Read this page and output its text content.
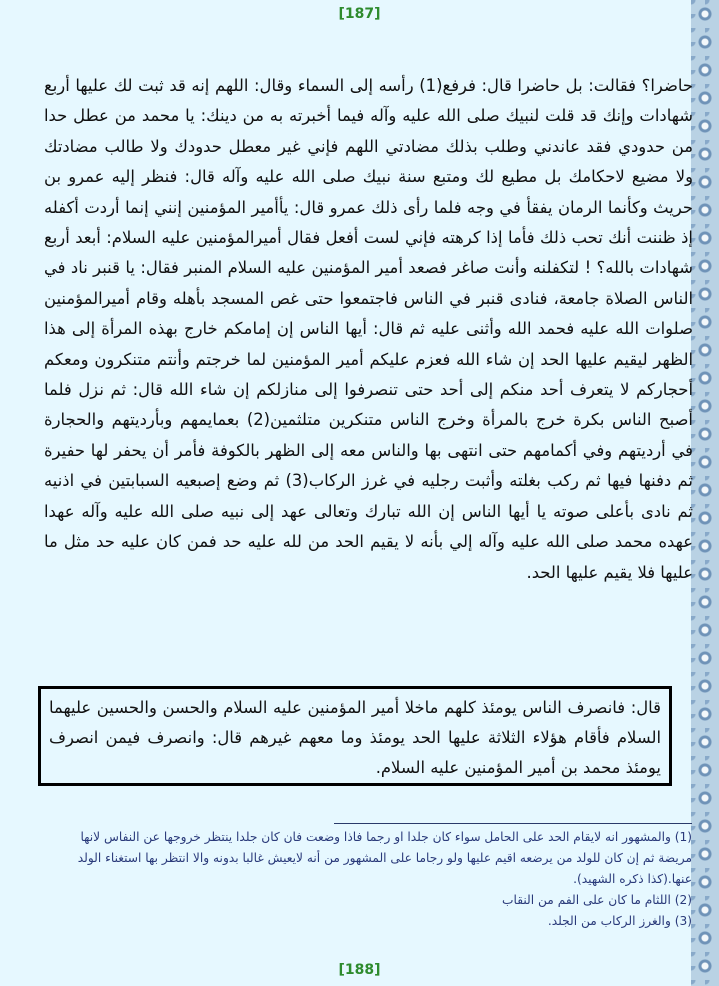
[187]
حاضرا؟ فقالت: بل حاضرا قال: فرفع(1) رأسه إلى السماء وقال: اللهم إنه قد ثبت لك عليها أربع شهادات وإنك قد قلت لنبيك صلى الله عليه وآله فيما أخبرته به من دينك: يا محمد من عطل حدا من حدودي فقد عاندني وطلب بذلك مضادتي اللهم فإني غير معطل حدودك ولا طالب مضادتك ولا مضيع لاحكامك بل مطيع لك ومتبع سنة نبيك صلى الله عليه وآله قال: فنظر إليه عمرو بن حريث وكأنما الرمان يفقأ في وجه فلما رأى ذلك عمرو قال: يأأمير المؤمنين إنني إنما أردت أكفله إذ ظننت أنك تحب ذلك فأما إذا كرهته فإني لست أفعل فقال أميرالمؤمنين عليه السلام: أبعد أربع شهادات بالله؟ ! لتكفلنه وأنت صاغر فصعد أمير المؤمنين عليه السلام المنبر فقال: يا قنبر ناد في الناس الصلاة جامعة، فنادى قنبر في الناس فاجتمعوا حتى غص المسجد بأهله وقام أميرالمؤمنين صلوات الله عليه فحمد الله وأثنى عليه ثم قال: أيها الناس إن إمامكم خارج بهذه المرأة إلى هذا الظهر ليقيم عليها الحد إن شاء الله فعزم عليكم أمير المؤمنين لما خرجتم وأنتم متنكرون ومعكم أحجاركم لا يتعرف أحد منكم إلى أحد حتى تنصرفوا إلى منازلكم إن شاء الله قال: ثم نزل فلما أصبح الناس بكرة خرج بالمرأة وخرج الناس متنكرين متلثمين(2) بعمايمهم وبأرديتهم والحجارة في أرديتهم وفي أكمامهم حتى انتهى بها والناس معه إلى الظهر بالكوفة فأمر أن يحفر لها حفيرة ثم دفنها فيها ثم ركب بغلته وأثبت رجليه في غرز الركاب(3) ثم وضع إصبعيه السبابتين في اذنيه ثم نادى بأعلى صوته يا أيها الناس إن الله تبارك وتعالى عهد إلى نبيه صلى الله عليه وآله عهدا عهده محمد صلى الله عليه وآله إلي بأنه لا يقيم الحد من لله عليه حد فمن كان عليه حد مثل ما عليها فلا يقيم عليها الحد.
قال: فانصرف الناس يومئذ كلهم ماخلا أمير المؤمنين عليه السلام والحسن والحسين عليهما السلام فأقام هؤلاء الثلاثة عليها الحد يومئذ وما معهم غيرهم قال: وانصرف فيمن انصرف يومئذ محمد بن أمير المؤمنين عليه السلام.

(1) والمشهور انه لايقام الحد على الحامل سواء كان جلدا او رجما فاذا وضعت فان كان جلدا ينتظر خروجها عن النفاس لانها مريضة ثم إن كان للولد من يرضعه اقيم عليها ولو رجاما على المشهور من أنه لايعيش غالبا بدونه والا انتظر بها استغناء الولد عنها.(كذا ذكره الشهيد).

(2) اللثام ما كان على الفم من النقاب

(3) والغرز الركاب من الجلد.

[188]
